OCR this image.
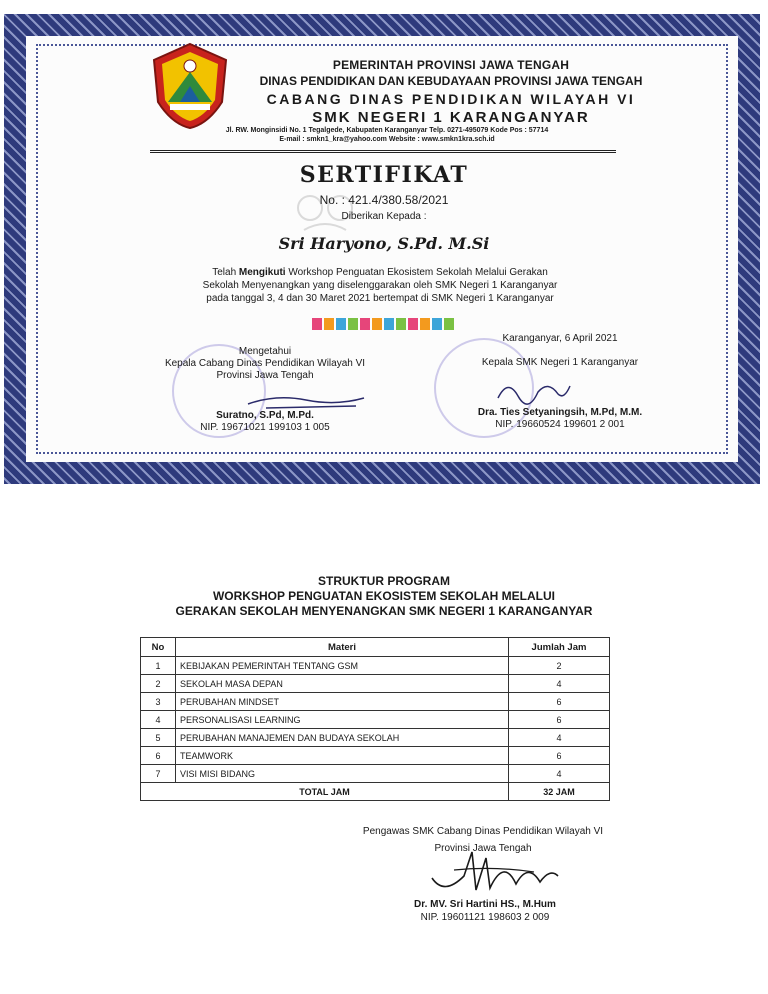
PEMERINTAH PROVINSI JAWA TENGAH
DINAS PENDIDIKAN DAN KEBUDAYAAN PROVINSI JAWA TENGAH
CABANG DINAS PENDIDIKAN WILAYAH VI
SMK NEGERI 1 KARANGANYAR
Jl. RW. Monginsidi No. 1 Tegalgede, Kabupaten Karanganyar Telp. 0271-495079 Kode Pos : 57714
E-mail : smkn1_kra@yahoo.com Website : www.smkn1kra.sch.id
SERTIFIKAT
No. : 421.4/380.58/2021
Diberikan Kepada :
Sri Haryono, S.Pd. M.Si
Telah Mengikuti Workshop Penguatan Ekosistem Sekolah Melalui Gerakan
Sekolah Menyenangkan yang diselenggarakan oleh SMK Negeri 1 Karanganyar
pada tanggal 3, 4 dan 30 Maret 2021 bertempat di SMK Negeri 1 Karanganyar
Mengetahui
Kepala Cabang Dinas Pendidikan Wilayah VI
Provinsi Jawa Tengah
Suratno, S.Pd, M.Pd.
NIP. 19671021 199103 1 005
Karanganyar, 6 April 2021
Kepala SMK Negeri 1 Karanganyar
Dra. Ties Setyaningsih, M.Pd, M.M.
NIP. 19660524 199601 2 001
STRUKTUR PROGRAM
WORKSHOP PENGUATAN EKOSISTEM SEKOLAH MELALUI
GERAKAN SEKOLAH MENYENANGKAN SMK NEGERI 1 KARANGANYAR
No	Materi	Jumlah Jam
1	KEBIJAKAN PEMERINTAH TENTANG GSM	2
2	SEKOLAH MASA DEPAN	4
3	PERUBAHAN MINDSET	6
4	PERSONALISASI LEARNING	6
5	PERUBAHAN MANAJEMEN DAN BUDAYA SEKOLAH	4
6	TEAMWORK	6
7	VISI MISI BIDANG	4
TOTAL JAM		32 JAM
Pengawas SMK Cabang Dinas Pendidikan Wilayah VI
Provinsi Jawa Tengah
Dr. MV. Sri Hartini HS., M.Hum
NIP. 19601121 198603 2 009
